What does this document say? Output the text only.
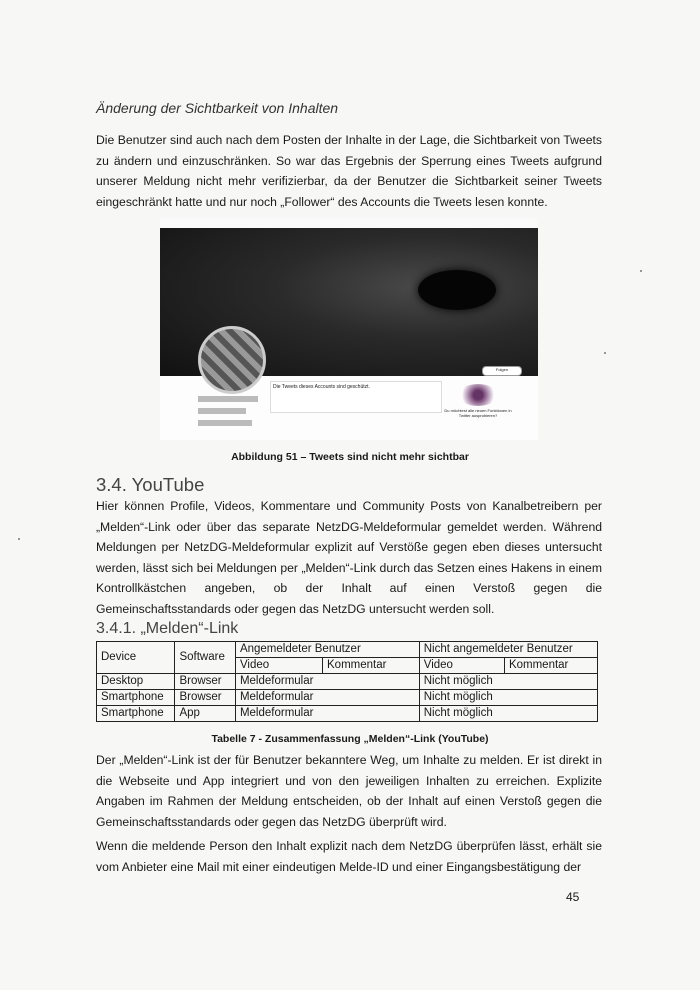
Änderung der Sichtbarkeit von Inhalten
Die Benutzer sind auch nach dem Posten der Inhalte in der Lage, die Sichtbarkeit von Tweets zu ändern und einzuschränken. So war das Ergebnis der Sperrung eines Tweets aufgrund unserer Meldung nicht mehr verifizierbar, da der Benutzer die Sichtbarkeit seiner Tweets eingeschränkt hatte und nur noch „Follower“ des Accounts die Tweets lesen konnte.
Folgen
Die Tweets dieses Accounts sind geschützt.
Du möchtest alle neuen Funktionen in Twitter ausprobieren?
Abbildung 51 – Tweets sind nicht mehr sichtbar
3.4. YouTube
Hier können Profile, Videos, Kommentare und Community Posts von Kanalbetreibern per „Melden“-Link oder über das separate NetzDG-Meldeformular gemeldet werden. Während Meldungen per NetzDG-Meldeformular explizit auf Verstöße gegen eben dieses untersucht werden, lässt sich bei Meldungen per „Melden“-Link durch das Setzen eines Hakens in einem Kontrollkästchen angeben, ob der Inhalt auf einen Verstoß gegen die Gemeinschaftsstandards oder gegen das NetzDG untersucht werden soll.
3.4.1. „Melden“-Link
Device	Software	Angemeldeter Benutzer		Nicht angemeldeter Benutzer	
		Video	Kommentar	Video	Kommentar
Desktop	Browser	Meldeformular		Nicht möglich	
Smartphone	Browser	Meldeformular		Nicht möglich	
Smartphone	App	Meldeformular		Nicht möglich	
Tabelle 7 - Zusammenfassung „Melden“-Link (YouTube)
Der „Melden“-Link ist der für Benutzer bekanntere Weg, um Inhalte zu melden. Er ist direkt in die Webseite und App integriert und von den jeweiligen Inhalten zu erreichen. Explizite Angaben im Rahmen der Meldung entscheiden, ob der Inhalt auf einen Verstoß gegen die Gemeinschaftsstandards oder gegen das NetzDG überprüft wird.
Wenn die meldende Person den Inhalt explizit nach dem NetzDG überprüfen lässt, erhält sie vom Anbieter eine Mail mit einer eindeutigen Melde-ID und einer Eingangsbestätigung der
45
